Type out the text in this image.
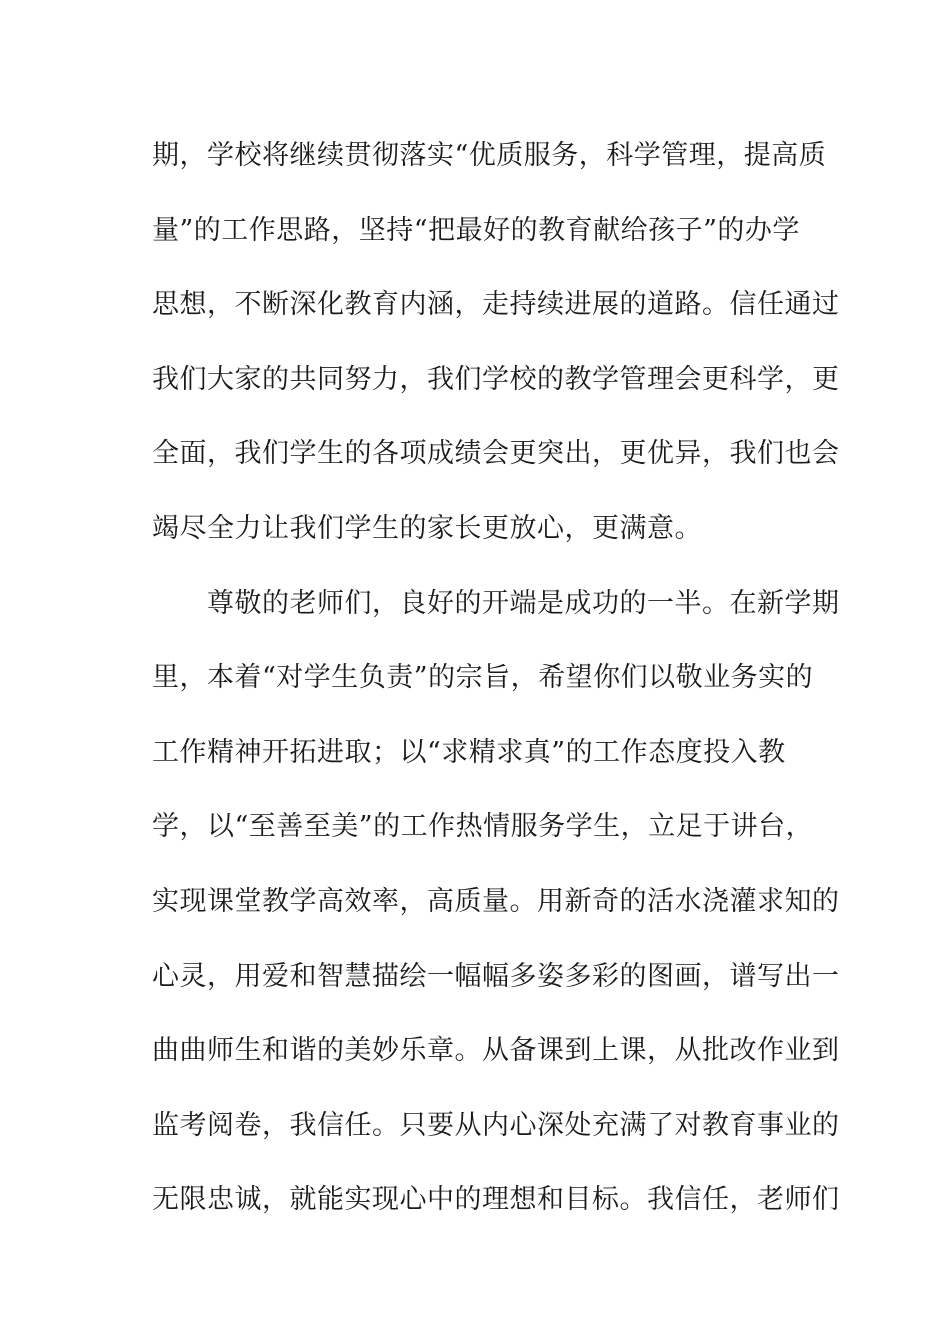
期，学校将继续贯彻落实“优质服务，科学管理，提高质
量”的工作思路，坚持“把最好的教育献给孩子”的办学
思想，不断深化教育内涵，走持续进展的道路。信任通过
我们大家的共同努力，我们学校的教学管理会更科学，更
全面，我们学生的各项成绩会更突出，更优异，我们也会
竭尽全力让我们学生的家长更放心，更满意。
　　尊敬的老师们，良好的开端是成功的一半。在新学期
里，本着“对学生负责”的宗旨，希望你们以敬业务实的
工作精神开拓进取；以“求精求真”的工作态度投入教
学，以“至善至美”的工作热情服务学生，立足于讲台，
实现课堂教学高效率，高质量。用新奇的活水浇灌求知的
心灵，用爱和智慧描绘一幅幅多姿多彩的图画，谱写出一
曲曲师生和谐的美妙乐章。从备课到上课，从批改作业到
监考阅卷，我信任。只要从内心深处充满了对教育事业的
无限忠诚，就能实现心中的理想和目标。我信任，老师们
